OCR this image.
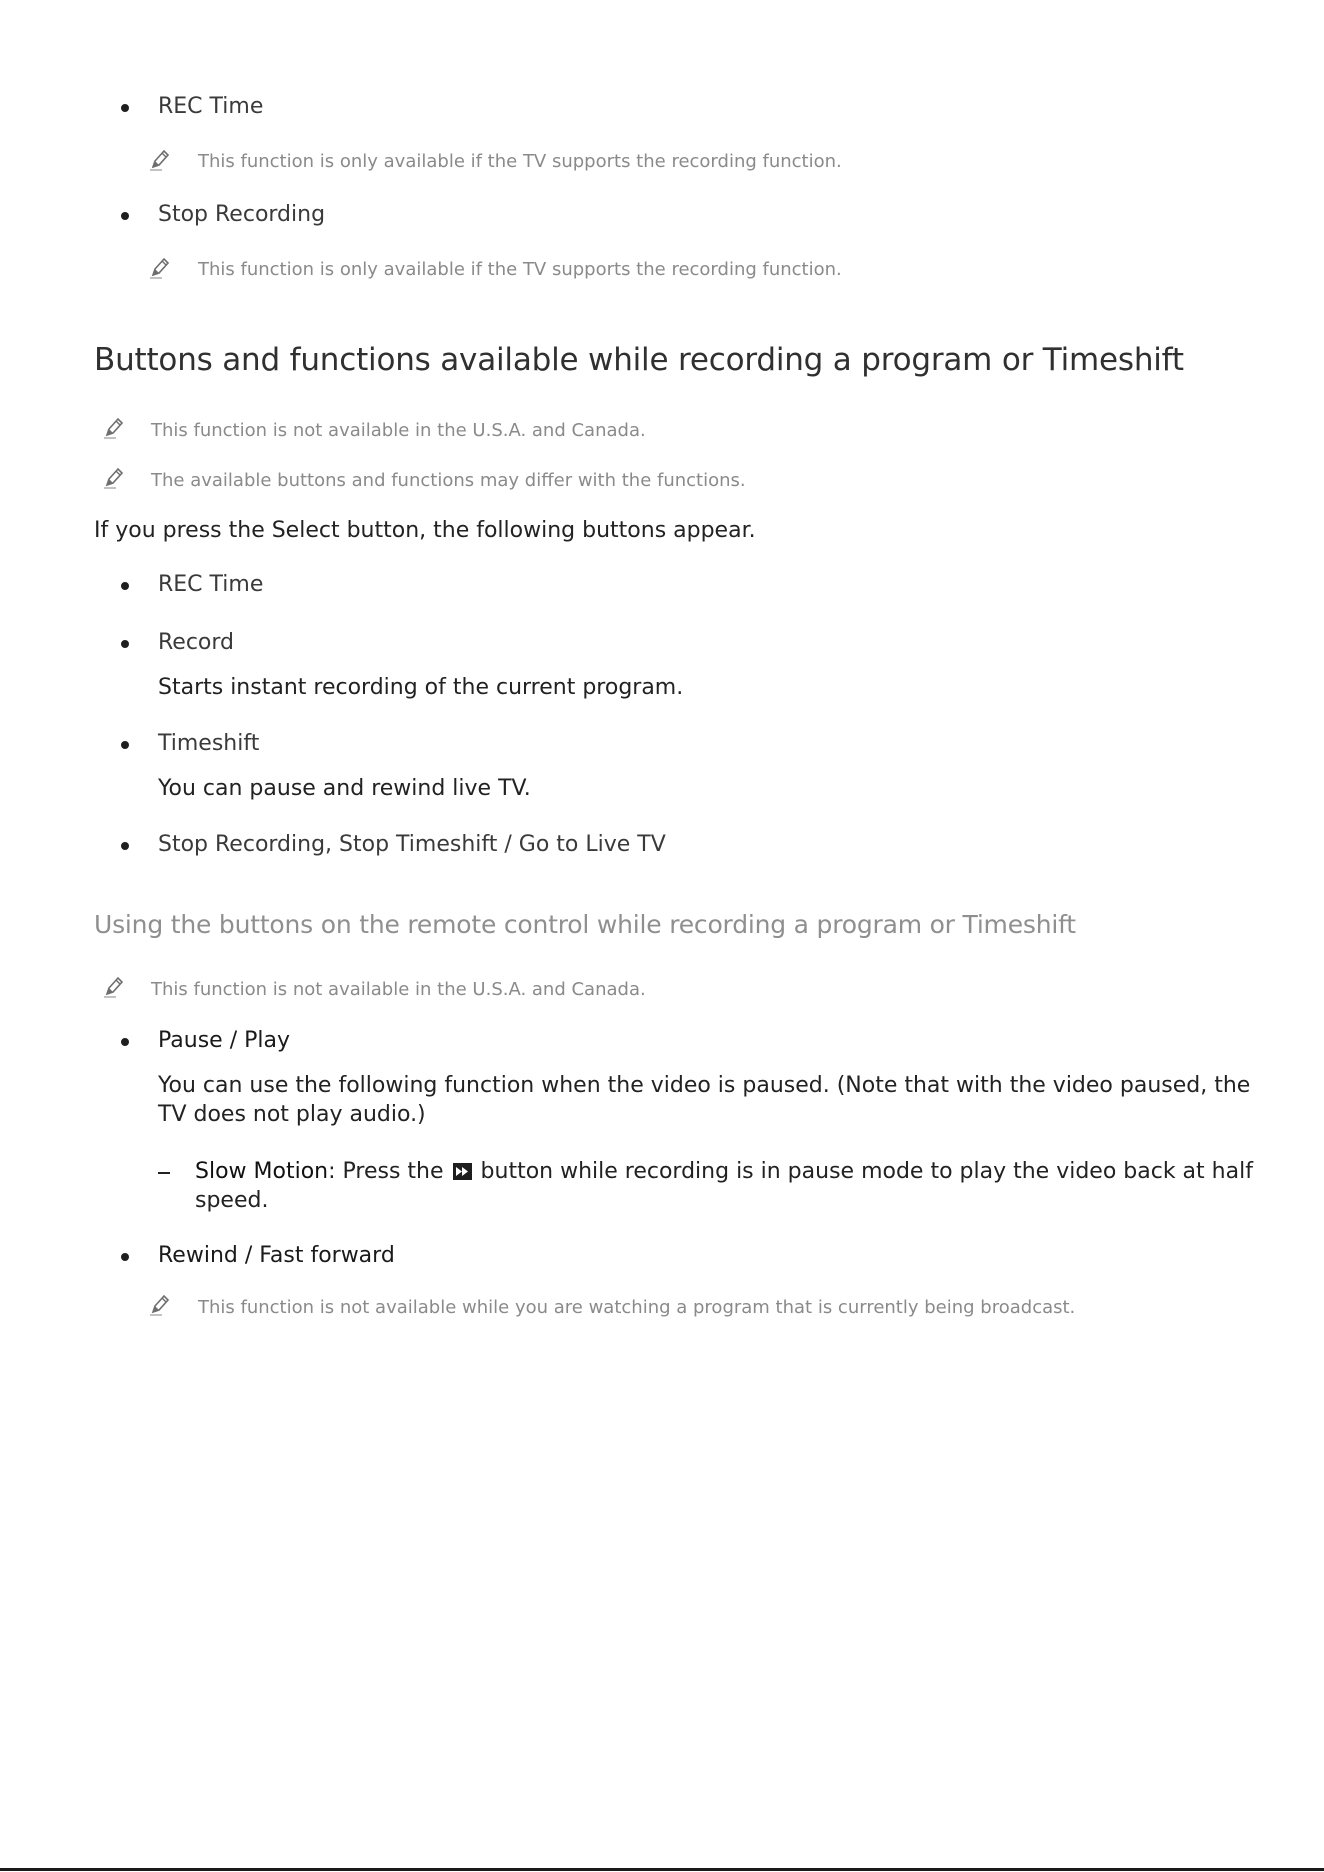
REC Time
This function is only available if the TV supports the recording function.
Stop Recording
This function is only available if the TV supports the recording function.
Buttons and functions available while recording a program or Timeshift
This function is not available in the U.S.A. and Canada.
The available buttons and functions may differ with the functions.
If you press the Select button, the following buttons appear.
REC Time
Record
Starts instant recording of the current program.
Timeshift
You can pause and rewind live TV.
Stop Recording, Stop Timeshift / Go to Live TV
Using the buttons on the remote control while recording a program or Timeshift
This function is not available in the U.S.A. and Canada.
Pause / Play
You can use the following function when the video is paused. (Note that with the video paused, the
TV does not play audio.)
Slow Motion: Press the button while recording is in pause mode to play the video back at half
speed.
Rewind / Fast forward
This function is not available while you are watching a program that is currently being broadcast.
